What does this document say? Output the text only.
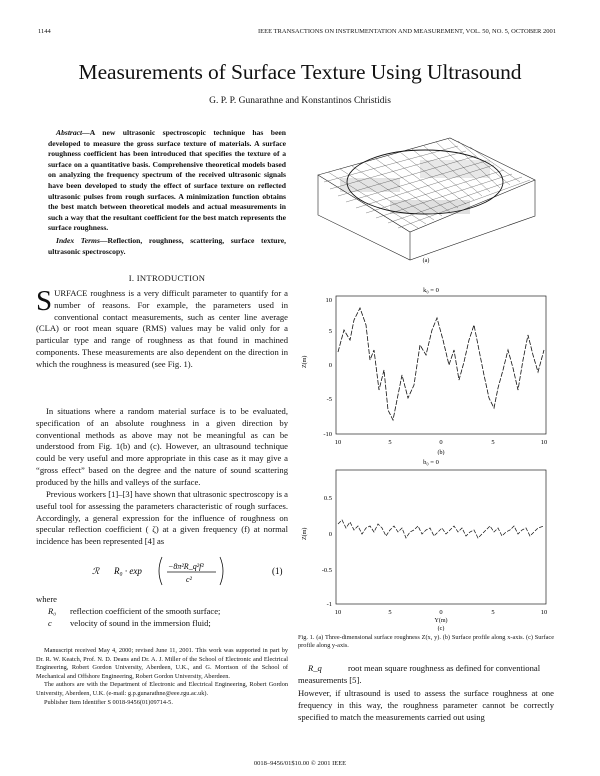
1144	IEEE TRANSACTIONS ON INSTRUMENTATION AND MEASUREMENT, VOL. 50, NO. 5, OCTOBER 2001
Measurements of Surface Texture Using Ultrasound
G. P. P. Gunarathne and Konstantinos Christidis
Abstract—A new ultrasonic spectroscopic technique has been developed to measure the gross surface texture of materials. A surface roughness coefficient has been introduced that specifies the texture of a surface on a quantitative basis. Comprehensive theoretical models based on analyzing the frequency spectrum of the received ultrasonic signals have been developed to study the effect of surface texture on reflected ultrasonic pulses from rough surfaces. A minimization function obtains the best match between theoretical models and actual measurements in such a way that the resultant coefficient for the best match represents the surface roughness.
Index Terms—Reflection, roughness, scattering, surface texture, ultrasonic spectroscopy.
I. INTRODUCTION
SURFACE roughness is a very difficult parameter to quantify for a number of reasons. For example, the parameters used in conventional contact measurements, such as center line average (CLA) or root mean square (RMS) values may be valid only for a particular type and range of roughness as that found in machined components. These measurements are also dependent on the direction in which the roughness is measured (see Fig. 1).
In situations where a random material surface is to be evaluated, specification of an absolute roughness in a given direction by conventional methods as above may not be meaningful as can be understood from Fig. 1(b) and (c). However, an ultrasound technique could be very useful and more appropriate in this case as it may give a “gross effect” based on the degree and the nature of sound scattering produced by the hills and valleys of the surface.
Previous workers [1]–[3] have shown that ultrasonic spectroscopy is a useful tool for assessing the parameters characteristic of rough surfaces. Accordingly, a general expression for the influence of roughness on specular reflection coefficient ( ζ) at a given frequency (f) at normal incidence has been represented [4] as
ℛ R₀ · exp	−8π²R_q²f²
c²
(1)
where
R₀ reflection coefficient of the smooth surface;
c velocity of sound in the immersion fluid;

Manuscript received May 4, 2000; revised June 11, 2001. This work was supported in part by Dr. R. W. Keatch, Prof. N. D. Deans and Dr. A. J. Miller of the School of Electronic and Electrical Engineering, Robert Gordon University, Aberdeen, U.K., and G. Morrison of the School of Mechanical and Offshore Engineering, Robert Gordon University, Aberdeen.

The authors are with the Department of Electronic and Electrical Engineering, Robert Gordon University, Aberdeen, U.K. (e-mail: g.p.gunarathne@eee.rgu.ac.uk).

Publisher Item Identifier S 0018-9456(01)09714-5.

0018–9456/01$10.00 © 2001 IEEE
(a)
k₀ = 0
Z(m)
10
5
0
-5
-10
10	5	0	5	10
(b)
b₀ = 0
Z(m)
0.5
0
-0.5
-1
10	5	0	5	10
Y(m)
(c)
Fig. 1. (a) Three-dimensional surface roughness Z(x, y). (b) Surface profile along x-axis. (c) Surface profile along y-axis.
R_q	root mean square roughness as defined for conventional measurements [5].
However, if ultrasound is used to assess the surface roughness at one frequency in this way, the roughness parameter cannot be correctly specified to match the measurements carried out using
